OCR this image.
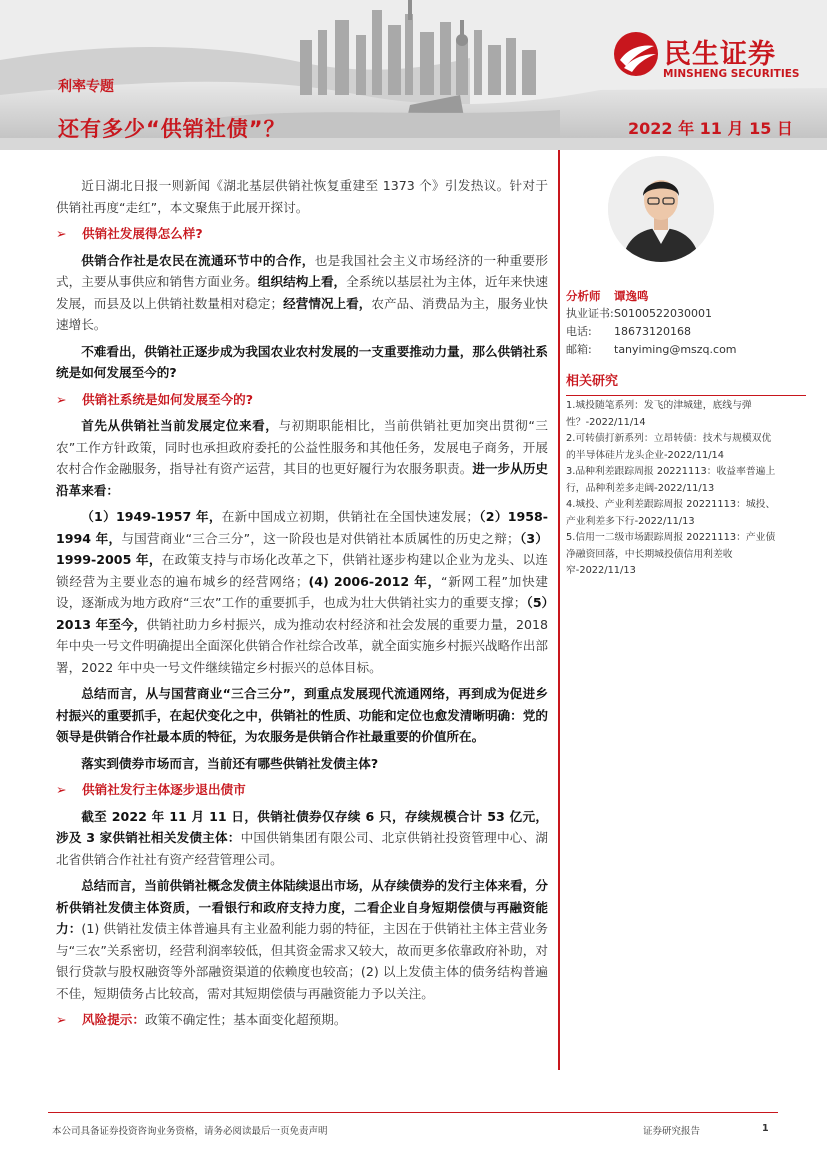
利率专题
还有多少“供销社债”？	2022 年 11 月 15 日
民生证券
MINSHENG SECURITIES

近日湖北日报一则新闻《湖北基层供销社恢复重建至 1373 个》引发热议。针对于供销社再度“走红”，本文聚焦于此展开探讨。

➢ 供销社发展得怎么样?

供销合作社是农民在流通环节中的合作，也是我国社会主义市场经济的一种重要形式，主要从事供应和销售方面业务。组织结构上看，全系统以基层社为主体，近年来快速发展，而县及以上供销社数量相对稳定；经营情况上看，农产品、消费品为主，服务业快速增长。

不难看出，供销社正逐步成为我国农业农村发展的一支重要推动力量，那么供销社系统是如何发展至今的?

➢ 供销社系统是如何发展至今的?

首先从供销社当前发展定位来看，与初期职能相比，当前供销社更加突出贯彻“三农”工作方针政策，同时也承担政府委托的公益性服务和其他任务，发展电子商务，开展农村合作金融服务，指导社有资产运营，其目的也更好履行为农服务职责。进一步从历史沿革来看：

（1）1949-1957 年，在新中国成立初期，供销社在全国快速发展；（2）1958-1994 年，与国营商业“三合三分”，这一阶段也是对供销社本质属性的历史之辩；（3）1999-2005 年，在政策支持与市场化改革之下，供销社逐步构建以企业为龙头、以连锁经营为主要业态的遍布城乡的经营网络；(4) 2006-2012 年，“新网工程”加快建设，逐渐成为地方政府“三农”工作的重要抓手，也成为壮大供销社实力的重要支撑；（5）2013 年至今，供销社助力乡村振兴，成为推动农村经济和社会发展的重要力量，2018 年中央一号文件明确提出全面深化供销合作社综合改革，就全面实施乡村振兴战略作出部署，2022 年中央一号文件继续锚定乡村振兴的总体目标。

总结而言，从与国营商业“三合三分”，到重点发展现代流通网络，再到成为促进乡村振兴的重要抓手，在起伏变化之中，供销社的性质、功能和定位也愈发清晰明确：党的领导是供销合作社最本质的特征，为农服务是供销合作社最重要的价值所在。

落实到债券市场而言，当前还有哪些供销社发债主体?

➢ 供销社发行主体逐步退出债市

截至 2022 年 11 月 11 日，供销社债券仅存续 6 只，存续规模合计 53 亿元，涉及 3 家供销社相关发债主体：中国供销集团有限公司、北京供销社投资管理中心、湖北省供销合作社社有资产经营管理公司。

总结而言，当前供销社概念发债主体陆续退出市场，从存续债券的发行主体来看，分析供销社发债主体资质，一看银行和政府支持力度，二看企业自身短期偿债与再融资能力：(1) 供销社发债主体普遍具有主业盈利能力弱的特征，主因在于供销社主体主营业务与“三农”关系密切，经营利润率较低，但其资金需求又较大，故而更多依靠政府补助，对银行贷款与股权融资等外部融资渠道的依赖度也较高；(2) 以上发债主体的债务结构普遍不佳，短期债务占比较高，需对其短期偿债与再融资能力予以关注。

➢ 风险提示：政策不确定性；基本面变化超预期。
分析师 谭逸鸣
执业证书:S0100522030001
电话: 18673120168
邮箱: tanyiming@mszq.com
相关研究
1.城投随笔系列：发飞的津城建，底线与弹性？-2022/11/14
2.可转债打新系列：立昂转债：技术与规模双优的半导体硅片龙头企业-2022/11/14
3.品种利差跟踪周报 20221113：收益率普遍上行，品种利差多走阔-2022/11/13
4.城投、产业利差跟踪周报 20221113：城投、产业利差多下行-2022/11/13
5.信用一二级市场跟踪周报 20221113：产业债净融资回落，中长期城投债信用利差收窄-2022/11/13
本公司具备证券投资咨询业务资格，请务必阅读最后一页免责声明	证券研究报告	1
